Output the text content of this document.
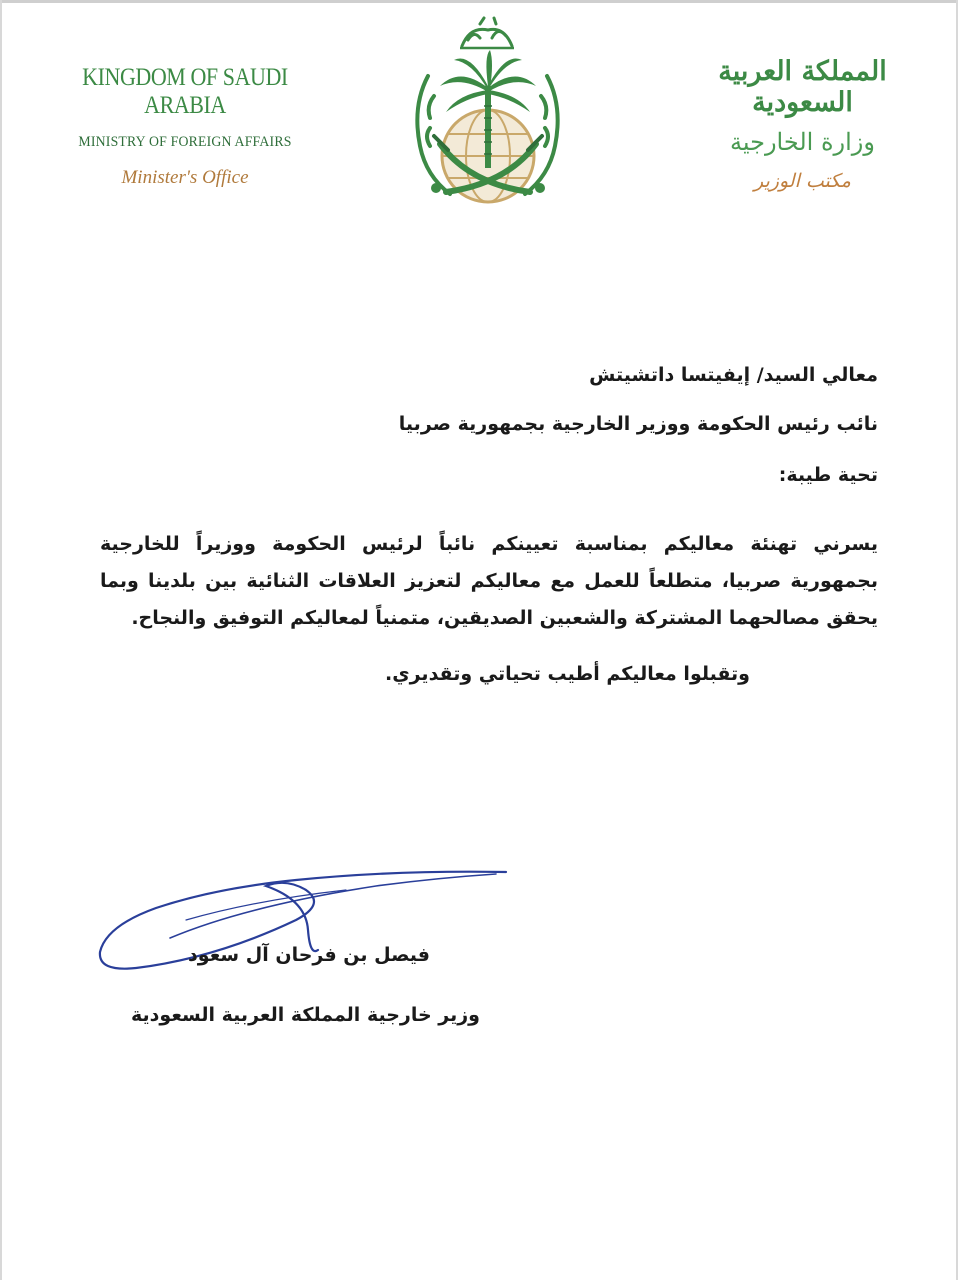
KINGDOM OF SAUDI ARABIA
MINISTRY OF FOREIGN AFFAIRS
Minister's Office
المملكة العربية السعودية
وزارة الخارجية
مكتب الوزير
معالي السيد/ إيفيتسا داتشيتش
نائب رئيس الحكومة ووزير الخارجية بجمهورية صربيا
تحية طيبة:
يسرني تهنئة معاليكم بمناسبة تعيينكم نائباً لرئيس الحكومة ووزيراً للخارجية بجمهورية صربيا، متطلعاً للعمل مع معاليكم لتعزيز العلاقات الثنائية بين بلدينا وبما يحقق مصالحهما المشتركة والشعبين الصديقين، متمنياً لمعاليكم التوفيق والنجاح.
وتقبلوا معاليكم أطيب تحياتي وتقديري.
فيصل بن فرحان آل سعود
وزير خارجية المملكة العربية السعودية
